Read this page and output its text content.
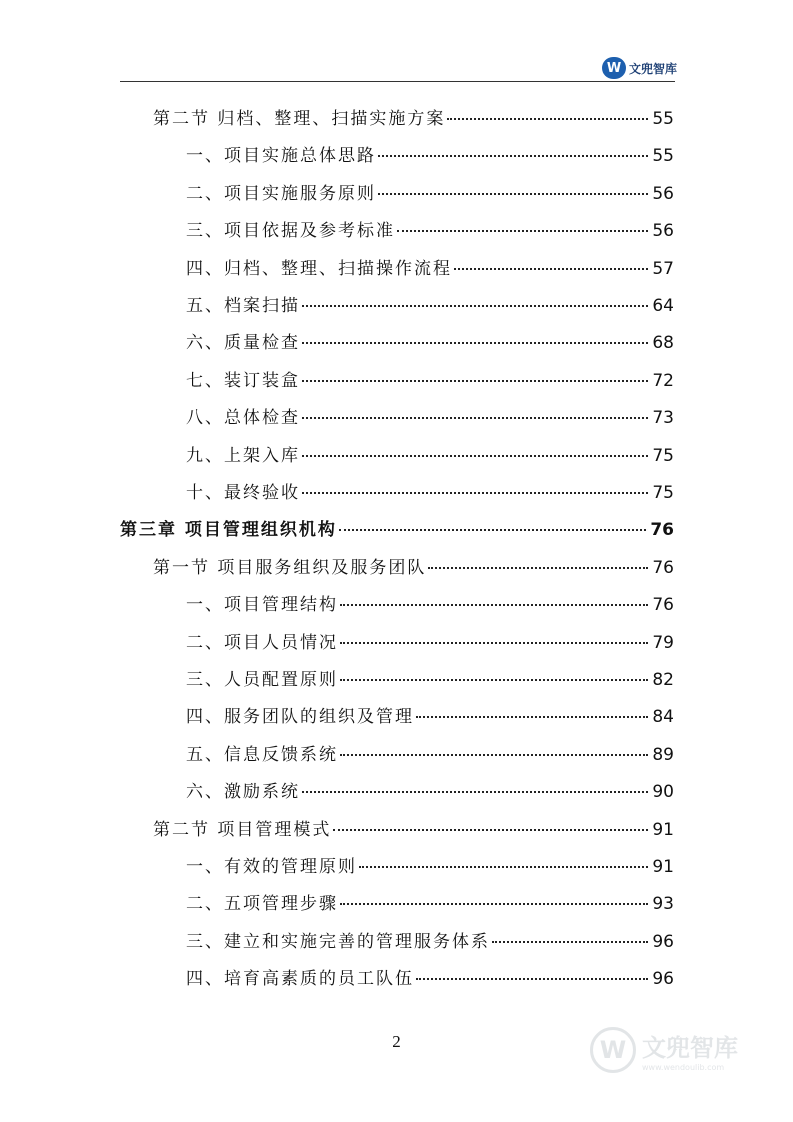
W 文兜智库
第二节 归档、整理、扫描实施方案	55
一、项目实施总体思路	55
二、项目实施服务原则	56
三、项目依据及参考标准	56
四、归档、整理、扫描操作流程	57
五、档案扫描	64
六、质量检查	68
七、装订装盒	72
八、总体检查	73
九、上架入库	75
十、最终验收	75
第三章 项目管理组织机构	76
第一节 项目服务组织及服务团队	76
一、项目管理结构	76
二、项目人员情况	79
三、人员配置原则	82
四、服务团队的组织及管理	84
五、信息反馈系统	89
六、激励系统	90
第二节 项目管理模式	91
一、有效的管理原则	91
二、五项管理步骤	93
三、建立和实施完善的管理服务体系	96
四、培育高素质的员工队伍	96
2	W 文兜智库
www.wendoulib.com
